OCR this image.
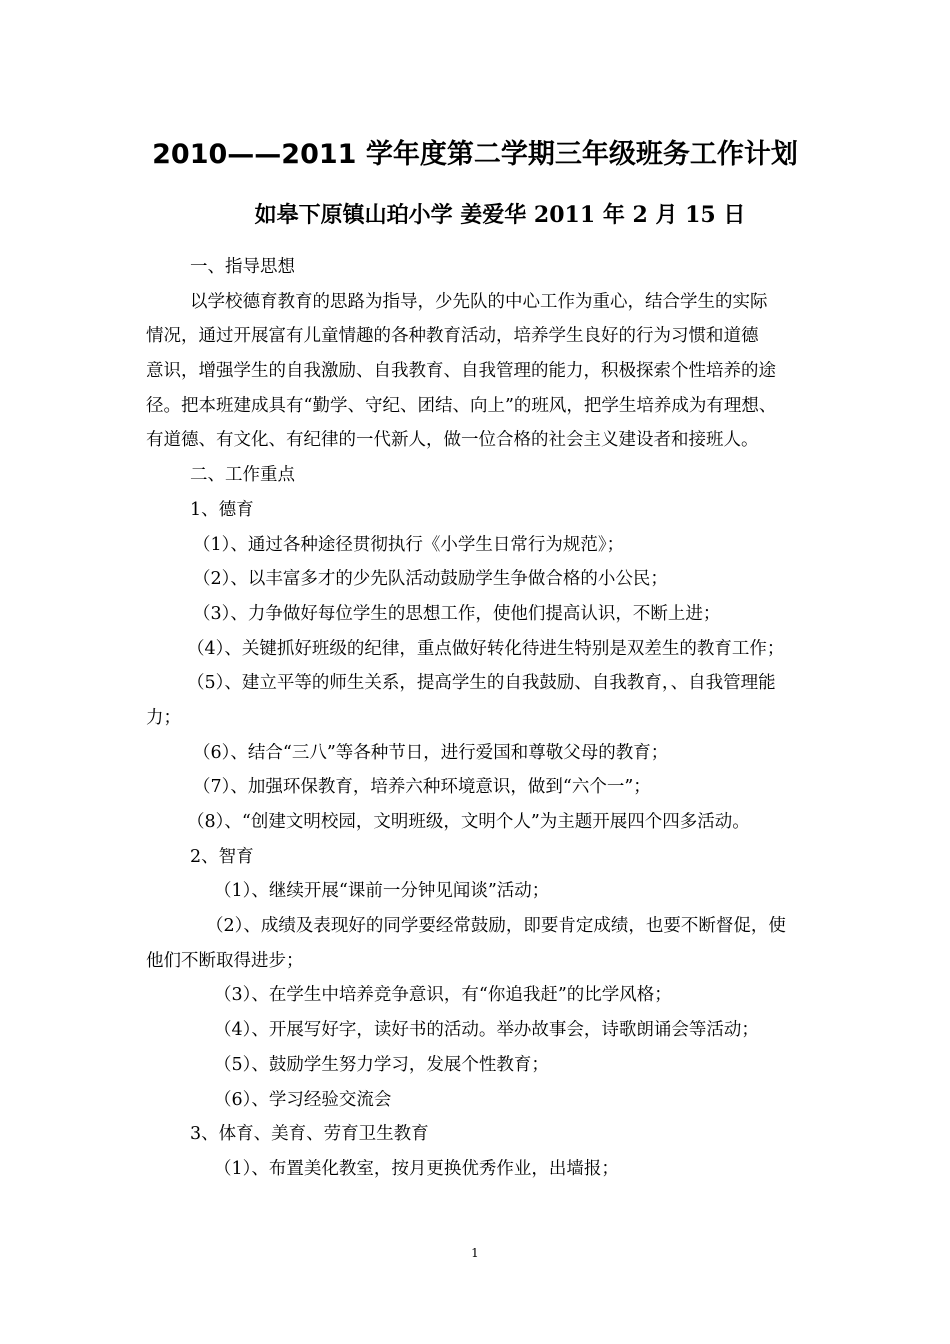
2010——2011 学年度第二学期三年级班务工作计划
如皋下原镇山珀小学 姜爱华 2011 年 2 月 15 日
一、指导思想
以学校德育教育的思路为指导，少先队的中心工作为重心，结合学生的实际
情况，通过开展富有儿童情趣的各种教育活动，培养学生良好的行为习惯和道德
意识，增强学生的自我激励、自我教育、自我管理的能力，积极探索个性培养的途
径。把本班建成具有“勤学、守纪、团结、向上”的班风，把学生培养成为有理想、
有道德、有文化、有纪律的一代新人，做一位合格的社会主义建设者和接班人。
二、工作重点
1、德育
（1）、通过各种途径贯彻执行《小学生日常行为规范》；
（2）、以丰富多才的少先队活动鼓励学生争做合格的小公民；
（3）、力争做好每位学生的思想工作，使他们提高认识，不断上进；
（4）、关键抓好班级的纪律，重点做好转化待进生特别是双差生的教育工作；
（5）、建立平等的师生关系，提高学生的自我鼓励、自我教育，、自我管理能
力；
（6）、结合“三八”等各种节日，进行爱国和尊敬父母的教育；
（7）、加强环保教育，培养六种环境意识，做到“六个一”；
（8）、“创建文明校园，文明班级，文明个人”为主题开展四个四多活动。
2、智育
（1）、继续开展“课前一分钟见闻谈”活动；
（2）、成绩及表现好的同学要经常鼓励，即要肯定成绩，也要不断督促，使
他们不断取得进步；
（3）、在学生中培养竞争意识，有“你追我赶”的比学风格；
（4）、开展写好字，读好书的活动。举办故事会，诗歌朗诵会等活动；
（5）、鼓励学生努力学习，发展个性教育；
（6）、学习经验交流会
3、体育、美育、劳育卫生教育
（1）、布置美化教室，按月更换优秀作业，出墙报；
1
